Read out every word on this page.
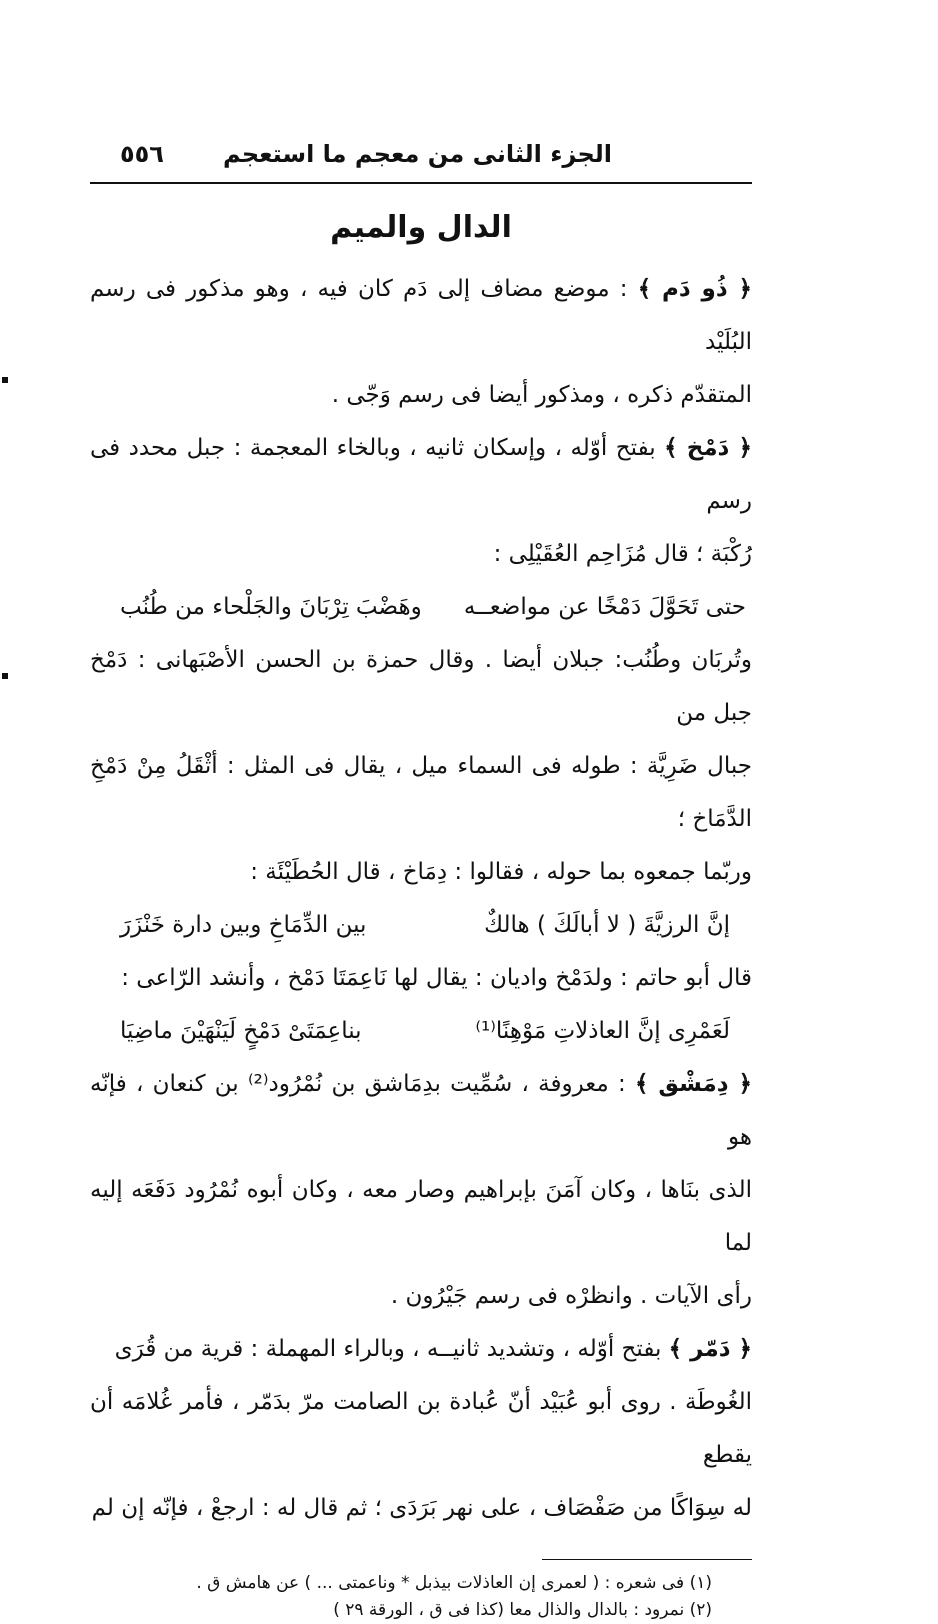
الجزء الثانى من معجم ما استعجم
٥٥٦
الدال والميم

﴿ ذُو دَم ﴾ : موضع مضاف إلى دَم كان فيه ، وهو مذكور فى رسم البُلَيْد

المتقدّم ذكره ، ومذكور أيضا فى رسم وَجّى .

﴿ دَمْخ ﴾ بفتح أوّله ، وإسكان ثانيه ، وبالخاء المعجمة : جبل محدد فى رسم

رُكْبَة ؛ قال مُزَاحِم العُقَيْلِى :

حتى تَحَوَّلَ دَمْخًا عن مواضعــه
وهَضْبَ تِرْبَانَ والجَلْحاء من طُنُب

وتُربَان وطُنُب: جبلان أيضا . وقال حمزة بن الحسن الأصْبَهانى : دَمْخ جبل من

جبال ضَرِيَّة : طوله فى السماء ميل ، يقال فى المثل : أثْقَلُ مِنْ دَمْخِ الدَّمَاخ ؛

وربّما جمعوه بما حوله ، فقالوا : دِمَاخ ، قال الحُطَيْئَة :

إنَّ الرزيَّةَ ( لا أبالَكَ ) هالكٌ
بين الدِّمَاخِ وبين دارة خَنْزَرَ

قال أبو حاتم : ولدَمْخ واديان : يقال لها نَاعِمَتَا دَمْخ ، وأنشد الرّاعى :

لَعَمْرِى إنَّ العاذلاتِ مَوْهِنًا⁽¹⁾
بناعِمَتَىْ دَمْخٍ لَيَنْهَيْنَ ماضِيَا

﴿ دِمَشْق ﴾ : معروفة ، سُمِّيت بدِمَاشق بن نُمْرُود⁽²⁾ بن كنعان ، فإنّه هو

الذى بنَاها ، وكان آمَنَ بإبراهيم وصار معه ، وكان أبوه نُمْرُود دَفَعَه إليه لما

رأى الآيات . وانظرْه فى رسم جَيْرُون .

﴿ دَمّر ﴾ بفتح أوّله ، وتشديد ثانيــه ، وبالراء المهملة : قرية من قُرَى

الغُوطَة . روى أبو عُبَيْد أنّ عُبادة بن الصامت مرّ بدَمّر ، فأمر غُلامَه أن يقطع

له سِوَاكًا من صَفْصَاف ، على نهر بَرَدَى ؛ ثم قال له : ارجعْ ، فإنّه إن لم

(١) فى شعره : ( لعمرى إن العاذلات بيذبل * وناعمتى ... ) عن هامش ق .

(٢) نمرود : بالدال والذال معا (كذا فى ق ، الورقة ٢٩ )
